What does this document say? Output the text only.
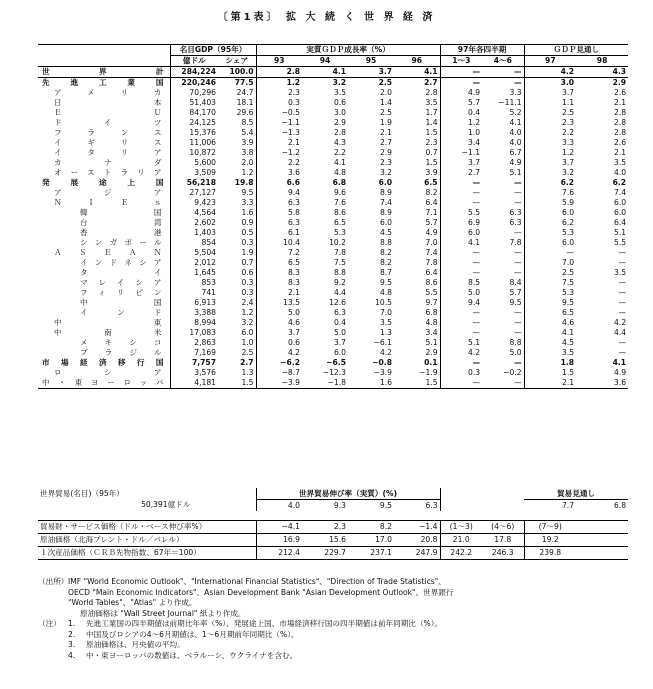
〔第1表〕 拡 大 続 く 世 界 経 済
	名目GDP（95年）		実質ＧＤＰ成長率（%）				97年各四半期		ＧＤＰ見通し	
	億ドル	シェア	93	94	95	96	1～3	4～6	97	98

世　界　計	284,224	100.0	2.8	4.1	3.7	4.1	—	—	4.2	4.3

先進工業国	220,246	77.5	1.2	3.2	2.5	2.7	—	—	3.0	2.9

アメリカ	70,296	24.7	2.3	3.5	2.0	2.8	4.9	3.3	3.7	2.6

日本	51,403	18.1	0.3	0.6	1.4	3.5	5.7	−11.1	1.1	2.1

ＥＵ	84,170	29.6	−0.5	3.0	2.5	1.7	0.4	5.2	2.5	2.8

ドイツ	24,125	8.5	−1.1	2.9	1.9	1.4	1.2	4.1	2.3	2.8

フランス	15,376	5.4	−1.3	2.8	2.1	1.5	1.0	4.0	2.2	2.8

イギリス	11,006	3.9	2.1	4.3	2.7	2.3	3.4	4.0	3.3	2.6

イタリア	10,872	3.8	−1.2	2.2	2.9	0.7	−1.1	6.7	1.2	2.1

カナダ	5,600	2.0	2.2	4.1	2.3	1.5	3.7	4.9	3.7	3.5

オーストラリア	3,509	1.2	3.6	4.8	3.2	3.9	2.7	5.1	3.2	4.0

発展途上国	56,218	19.8	6.6	6.8	6.0	6.5	—	—	6.2	6.2

アジア	27,127	9.5	9.4	9.6	8.9	8.2	—	—	7.6	7.4

ＮＩＥｓ	9,423	3.3	6.3	7.6	7.4	6.4	—	—	5.9	6.0

韓国	4,564	1.6	5.8	8.6	8.9	7.1	5.5	6.3	6.0	6.0

台湾	2,602	0.9	6.3	6.5	6.0	5.7	6.9	6.3	6.2	6.4

香港	1,403	0.5	6.1	5.3	4.5	4.9	6.0	—	5.3	5.1

シンガポール	854	0.3	10.4	10.2	8.8	7.0	4.1	7.8	6.0	5.5

ＡＳＥＡＮ	5,504	1.9	7.2	7.8	8.2	7.4	—	—	—	—

インドネシア	2,012	0.7	6.5	7.5	8.2	7.8	—	—	7.0	—

タイ	1,645	0.6	8.3	8.8	8.7	6.4	—	—	2.5	3.5

マレイシア	853	0.3	8.3	9.2	9.5	8.6	8.5	8.4	7.5	—

フィリピン	741	0.3	2.1	4.4	4.8	5.5	5.0	5.7	5.3	—

中国	6,913	2.4	13.5	12.6	10.5	9.7	9.4	9.5	9.5	—

インド	3,388	1.2	5.0	6.3	7.0	6.8	—	—	6.5	—

中東	8,994	3.2	4.6	0.4	3.5	4.8	—	—	4.6	4.2

中南米	17,083	6.0	3.7	5.0	1.3	3.4	—	—	4.1	4.4

メキシコ	2,863	1.0	0.6	3.7	−6.1	5.1	5.1	8.8	4.5	—

ブラジル	7,169	2.5	4.2	6.0	4.2	2.9	4.2	5.0	3.5	—

市場経済移行国	7,757	2.7	−6.2	−6.5	−0.8	0.1	—	—	1.8	4.1

ロシア	3,576	1.3	−8.7	−12.3	−3.9	−1.9	0.3	−0.2	1.5	4.9

中・東ヨーロッパ	4,181	1.5	−3.9	−1.8	1.6	1.5	—	—	2.1	3.6
世界貿易(名目)（95年）	世界貿易伸び率（実質）(%)					貿易見通し	
50,391億ドル	4.0	9.3	9.5	6.3		7.7	6.8
貿易財・サービス価格（ドル・ベース伸び率%）	−4.1	2.3	8.2	−1.4	(1～3)	(4～6)	(7～9)	
原油価格（北海ブレント・ドル／バレル）	16.9	15.6	17.0	20.8	21.0	17.8	19.2	
１次産品価格（ＣＲＢ先物指数、67年＝100）	212.4	229.7	237.1	247.9	242.2	246.3	239.8	
（出所） IMF "World Economic Outlook"、"International Financial Statistics"、"Direction of Trade Statistics"、
OECD "Main Economic Indicators"、Asian Development Bank "Asian Development Outlook"、世界銀行
"World Tables"、"Atlas" より作成。
原油価格は "Wall Street Journal" 紙より作成。
（注） 1.	先進工業国の四半期値は前期比年率（%）、発展途上国、市場経済移行国の四半期値は前年同期比（%）。
2.	中国及びロシアの4～6月期値は、1～6月期前年同期比（%）。
3.	原油価格は、月央値の平均。
4.	中・東ヨーロッパの数値は、ベラルーシ、ウクライナを含む。
